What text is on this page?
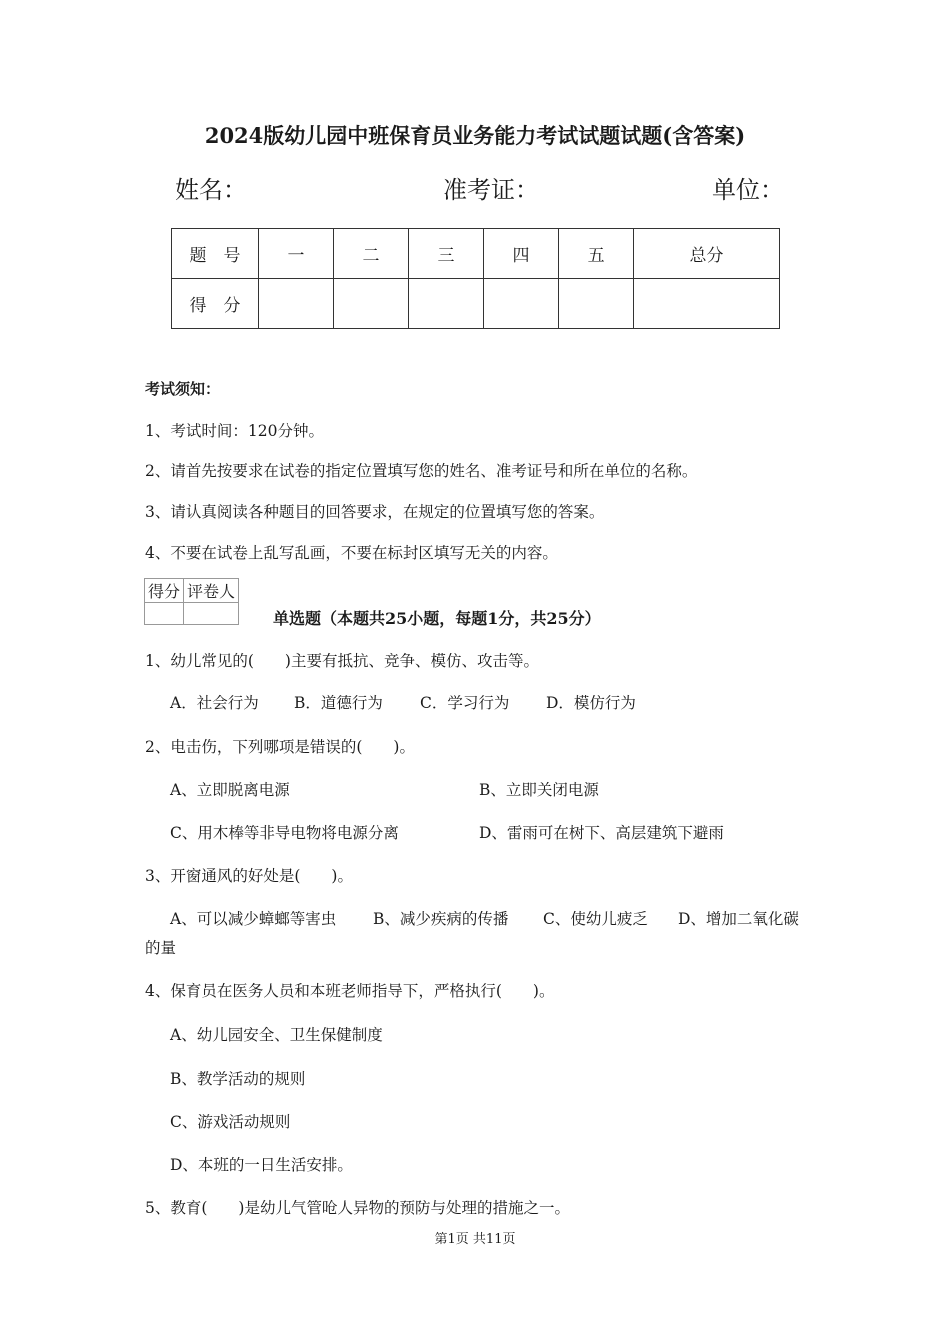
2024版幼儿园中班保育员业务能力考试试题试题(含答案)
姓名：	准考证：	单位：
题　号	一	二	三	四	五	总分
得　分						
考试须知：
1、考试时间：120分钟。
2、请首先按要求在试卷的指定位置填写您的姓名、准考证号和所在单位的名称。
3、请认真阅读各种题目的回答要求，在规定的位置填写您的答案。
4、不要在试卷上乱写乱画，不要在标封区填写无关的内容。
得分	评卷人

单选题（本题共25小题，每题1分，共25分）
1、幼儿常见的(　　)主要有抵抗、竞争、模仿、攻击等。
A．社会行为 B．道德行为 C．学习行为 D．模仿行为
2、电击伤，下列哪项是错误的(　　)。
A、立即脱离电源	B、立即关闭电源
C、用木棒等非导电物将电源分离	D、雷雨可在树下、高层建筑下避雨
3、开窗通风的好处是(　　)。
A、可以减少蟑螂等害虫 B、减少疾病的传播 C、使幼儿疲乏 D、增加二氧化碳
的量
4、保育员在医务人员和本班老师指导下，严格执行(　　)。
A、幼儿园安全、卫生保健制度
B、教学活动的规则
C、游戏活动规则
D、本班的一日生活安排。
5、教育(　　)是幼儿气管呛人异物的预防与处理的措施之一。
第1页 共11页
